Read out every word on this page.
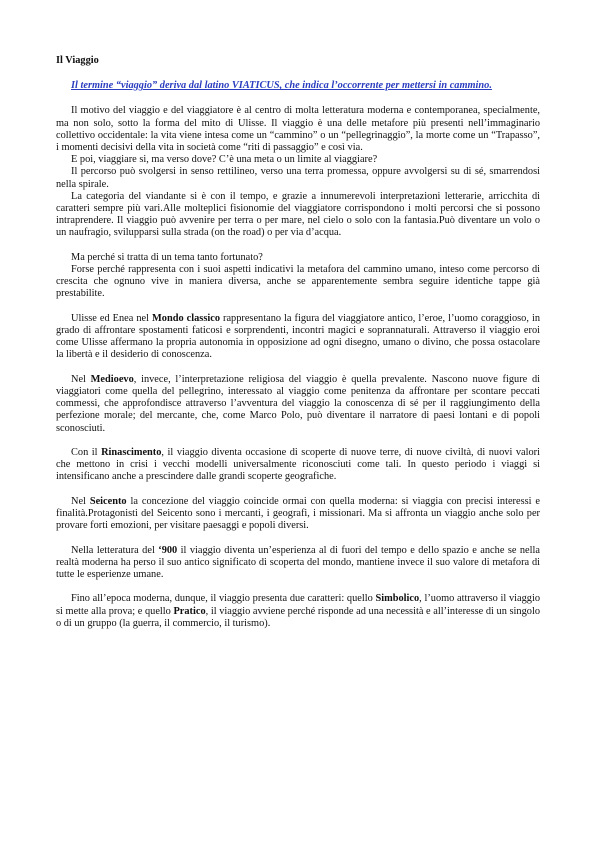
Il Viaggio
Il termine “viaggio” deriva dal latino VIATICUS, che indica l’occorrente per mettersi in cammino.

Il motivo del viaggio e del viaggiatore è al centro di molta letteratura moderna e contemporanea, specialmente, ma non solo, sotto la forma del mito di Ulisse. Il viaggio è una delle metafore più presenti nell’immaginario collettivo occidentale: la vita viene intesa come un “cammino” o un “pellegrinaggio”, la morte come un “Trapasso”, i momenti decisivi della vita in società come “riti di passaggio” e così via.

E poi, viaggiare si, ma verso dove? C’è una meta o un limite al viaggiare?

Il percorso può svolgersi in senso rettilineo, verso una terra promessa, oppure avvolgersi su di sé, smarrendosi nella spirale.

La categoria del viandante si è con il tempo, e grazie a innumerevoli interpretazioni letterarie, arricchita di caratteri sempre più vari.Alle molteplici fisionomie del viaggiatore corrispondono i molti percorsi che si possono intraprendere. Il viaggio può avvenire per terra o per mare, nel cielo o solo con la fantasia.Può diventare un volo o un naufragio, svilupparsi sulla strada (on the road) o per via d’acqua.

Ma perché si tratta di un tema tanto fortunato?

Forse perché rappresenta con i suoi aspetti indicativi la metafora del cammino umano, inteso come percorso di crescita che ognuno vive in maniera diversa, anche se apparentemente sembra seguire identiche tappe già prestabilite.

Ulisse ed Enea nel Mondo classico rappresentano la figura del viaggiatore antico, l’eroe, l’uomo coraggioso, in grado di affrontare spostamenti faticosi e sorprendenti, incontri magici e soprannaturali. Attraverso il viaggio eroi come Ulisse affermano la propria autonomia in opposizione ad ogni disegno, umano o divino, che possa ostacolare la libertà e il desiderio di conoscenza.

Nel Medioevo, invece, l’interpretazione religiosa del viaggio è quella prevalente. Nascono nuove figure di viaggiatori come quella del pellegrino, interessato al viaggio come penitenza da affrontare per scontare peccati commessi, che approfondisce attraverso l’avventura del viaggio la conoscenza di sé per il raggiungimento della perfezione morale; del mercante, che, come Marco Polo, può diventare il narratore di paesi lontani e di popoli sconosciuti.

Con il Rinascimento, il viaggio diventa occasione di scoperte di nuove terre, di nuove civiltà, di nuovi valori che mettono in crisi i vecchi modelli universalmente riconosciuti come tali. In questo periodo i viaggi si intensificano anche a prescindere dalle grandi scoperte geografiche.

Nel Seicento la concezione del viaggio coincide ormai con quella moderna: si viaggia con precisi interessi e finalità.Protagonisti del Seicento sono i mercanti, i geografi, i missionari. Ma si affronta un viaggio anche solo per provare forti emozioni, per visitare paesaggi e popoli diversi.

Nella letteratura del ‘900 il viaggio diventa un’esperienza al di fuori del tempo e dello spazio e anche se nella realtà moderna ha perso il suo antico significato di scoperta del mondo, mantiene invece il suo valore di metafora di tutte le esperienze umane.

Fino all’epoca moderna, dunque, il viaggio presenta due caratteri: quello Simbolico, l’uomo attraverso il viaggio si mette alla prova; e quello Pratico, il viaggio avviene perché risponde ad una necessità e all’interesse di un singolo o di un gruppo (la guerra, il commercio, il turismo).
